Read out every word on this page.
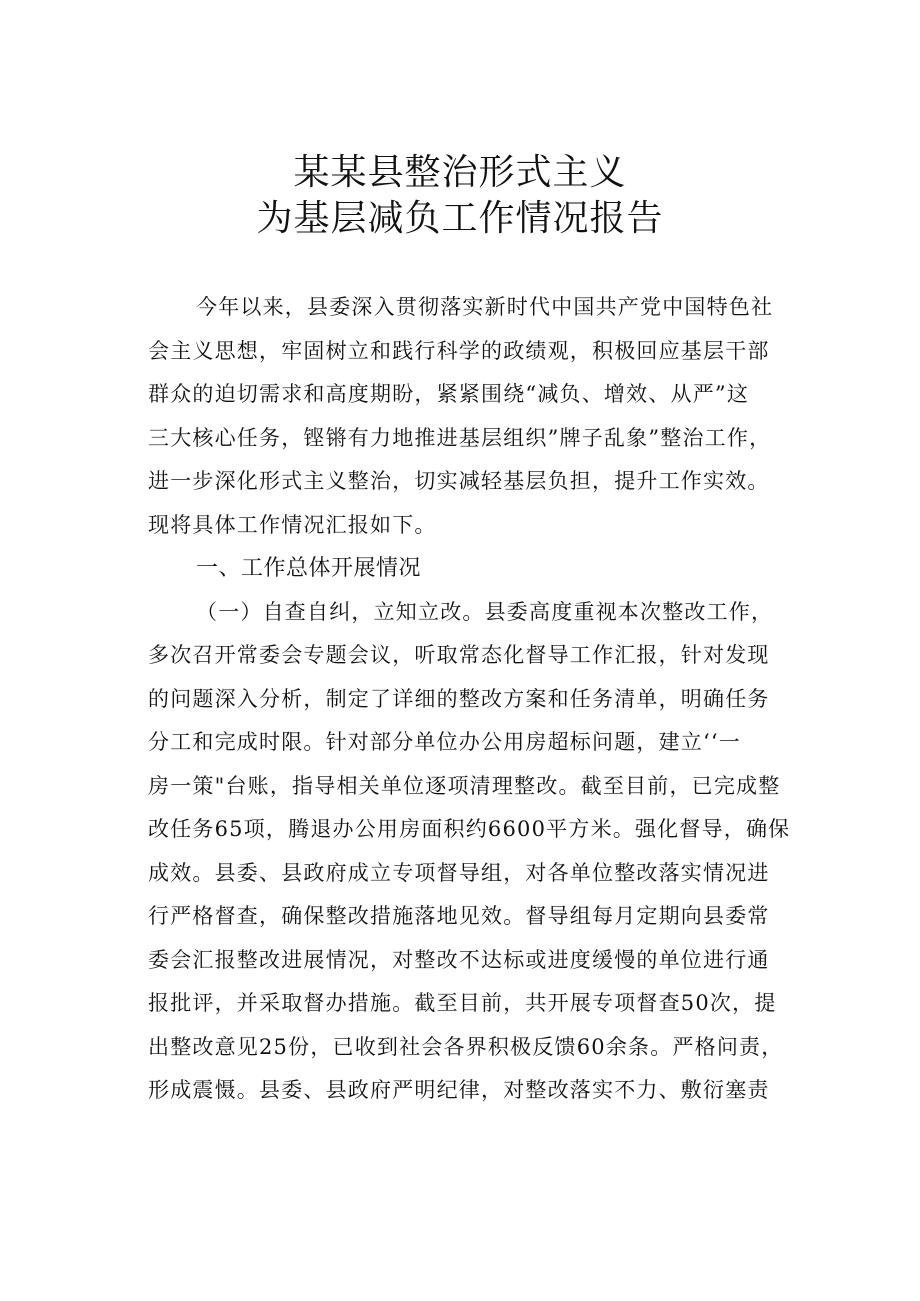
某某县整治形式主义
为基层减负工作情况报告
今年以来，县委深入贯彻落实新时代中国共产党中国特色社
会主义思想，牢固树立和践行科学的政绩观，积极回应基层干部
群众的迫切需求和高度期盼，紧紧围绕“减负、增效、从严”这
三大核心任务，铿锵有力地推进基层组织”牌子乱象”整治工作，
进一步深化形式主义整治，切实减轻基层负担，提升工作实效。
现将具体工作情况汇报如下。
一、工作总体开展情况
（一）自查自纠，立知立改。县委高度重视本次整改工作，
多次召开常委会专题会议，听取常态化督导工作汇报，针对发现
的问题深入分析，制定了详细的整改方案和任务清单，明确任务
分工和完成时限。针对部分单位办公用房超标问题，建立‘‘一
房一策"台账，指导相关单位逐项清理整改。截至目前，已完成整
改任务65项，腾退办公用房面积约6600平方米。强化督导，确保
成效。县委、县政府成立专项督导组，对各单位整改落实情况进
行严格督查，确保整改措施落地见效。督导组每月定期向县委常
委会汇报整改进展情况，对整改不达标或进度缓慢的单位进行通
报批评，并采取督办措施。截至目前，共开展专项督查50次，提
出整改意见25份，已收到社会各界积极反馈60余条。严格问责，
形成震慑。县委、县政府严明纪律，对整改落实不力、敷衍塞责
